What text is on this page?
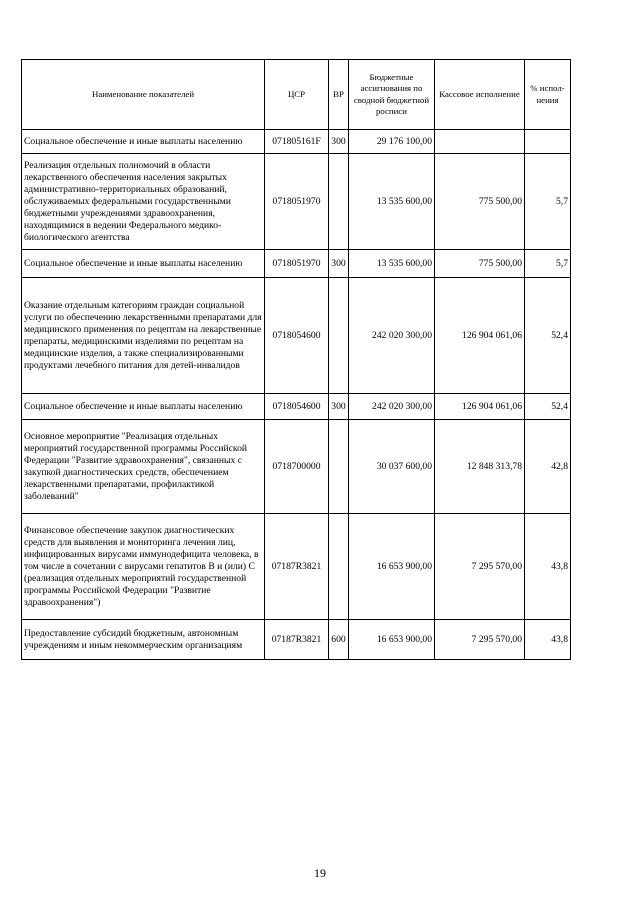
Наименование показателей	ЦСР	ВР	Бюджетные ассигнования по сводной бюджетной росписи	Кассовое исполнение	% испол-нения
Социальное обеспечение и иные выплаты населению	071805161F	300	29 176 100,00		
Реализация отдельных полномочий в области лекарственного обеспечения населения закрытых административно-территориальных образований, обслуживаемых федеральными государственными бюджетными учреждениями здравоохранения, находящимися в ведении Федерального медико-биологического агентства	0718051970		13 535 600,00	775 500,00	5,7
Социальное обеспечение и иные выплаты населению	0718051970	300	13 535 600,00	775 500,00	5,7
Оказание отдельным категориям граждан социальной услуги по обеспечению лекарственными препаратами для медицинского применения по рецептам на лекарственные препараты, медицинскими изделиями по рецептам на медицинские изделия, а также специализированными продуктами лечебного питания для детей-инвалидов	0718054600		242 020 300,00	126 904 061,06	52,4
Социальное обеспечение и иные выплаты населению	0718054600	300	242 020 300,00	126 904 061,06	52,4
Основное мероприятие "Реализация отдельных мероприятий государственной программы Российской Федерации "Развитие здравоохранения", связанных с закупкой диагностических средств, обеспечением лекарственными препаратами, профилактикой заболеваний"	0718700000		30 037 600,00	12 848 313,78	42,8
Финансовое обеспечение закупок диагностических средств для выявления и мониторинга лечения лиц, инфицированных вирусами иммунодефицита человека, в том числе в сочетании с вирусами гепатитов В и (или) С (реализация отдельных мероприятий государственной программы Российской Федерации "Развитие здравоохранения")	07187R3821		16 653 900,00	7 295 570,00	43,8
Предоставление субсидий бюджетным, автономным учреждениям и иным некоммерческим организациям	07187R3821	600	16 653 900,00	7 295 570,00	43,8
19
